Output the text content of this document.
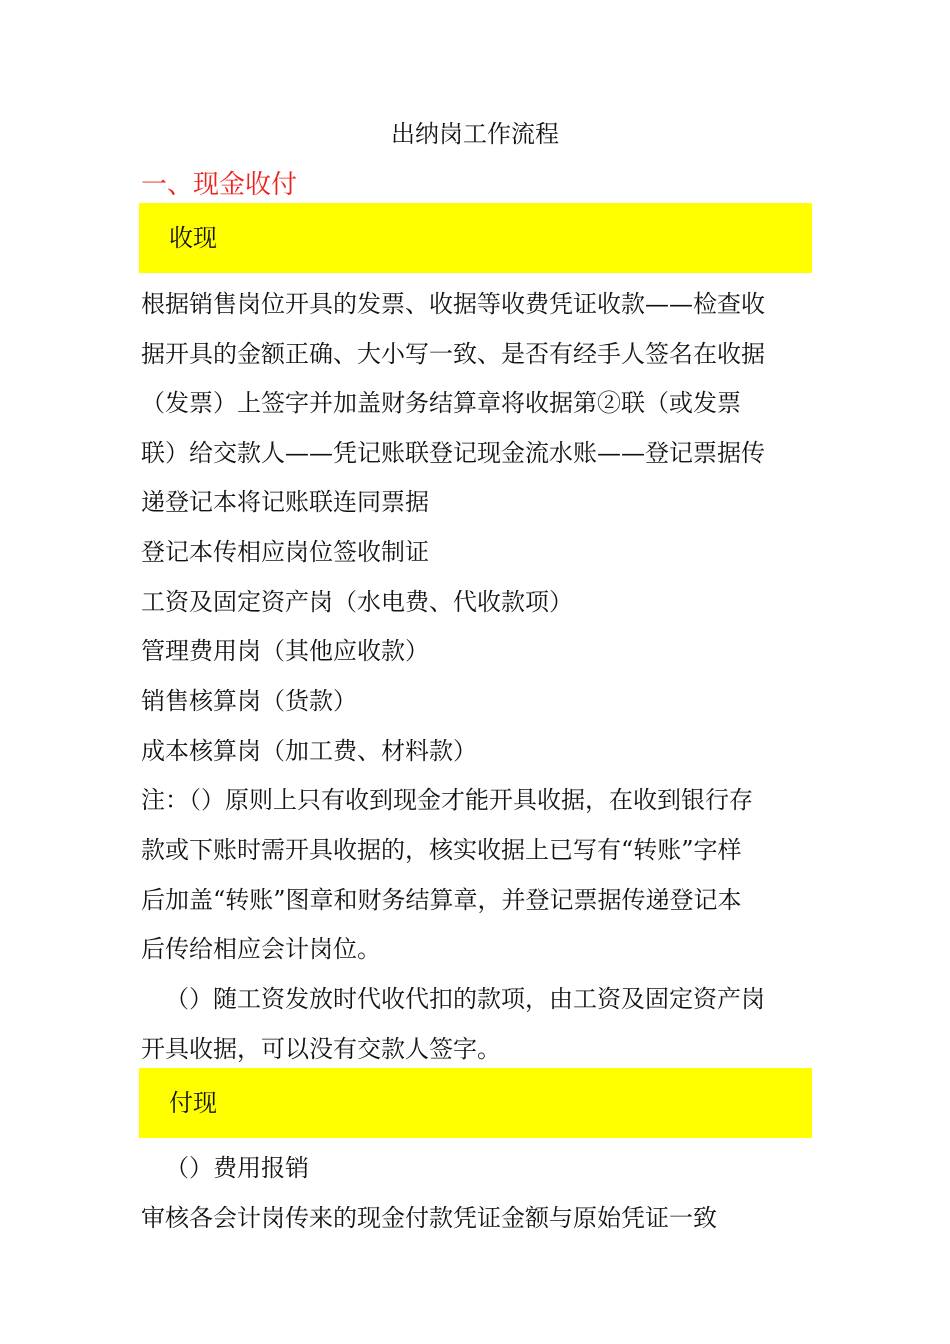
出纳岗工作流程
一、现金收付
收现
根据销售岗位开具的发票、收据等收费凭证收款——检查收
据开具的金额正确、大小写一致、是否有经手人签名在收据
（发票）上签字并加盖财务结算章将收据第②联（或发票
联）给交款人——凭记账联登记现金流水账——登记票据传
递登记本将记账联连同票据
登记本传相应岗位签收制证
工资及固定资产岗（水电费、代收款项）
管理费用岗（其他应收款）
销售核算岗（货款）
成本核算岗（加工费、材料款）
注：（）原则上只有收到现金才能开具收据，在收到银行存
款或下账时需开具收据的，核实收据上已写有“转账”字样
后加盖“转账”图章和财务结算章，并登记票据传递登记本
后传给相应会计岗位。
（）随工资发放时代收代扣的款项，由工资及固定资产岗
开具收据，可以没有交款人签字。
付现
（）费用报销
审核各会计岗传来的现金付款凭证金额与原始凭证一致
